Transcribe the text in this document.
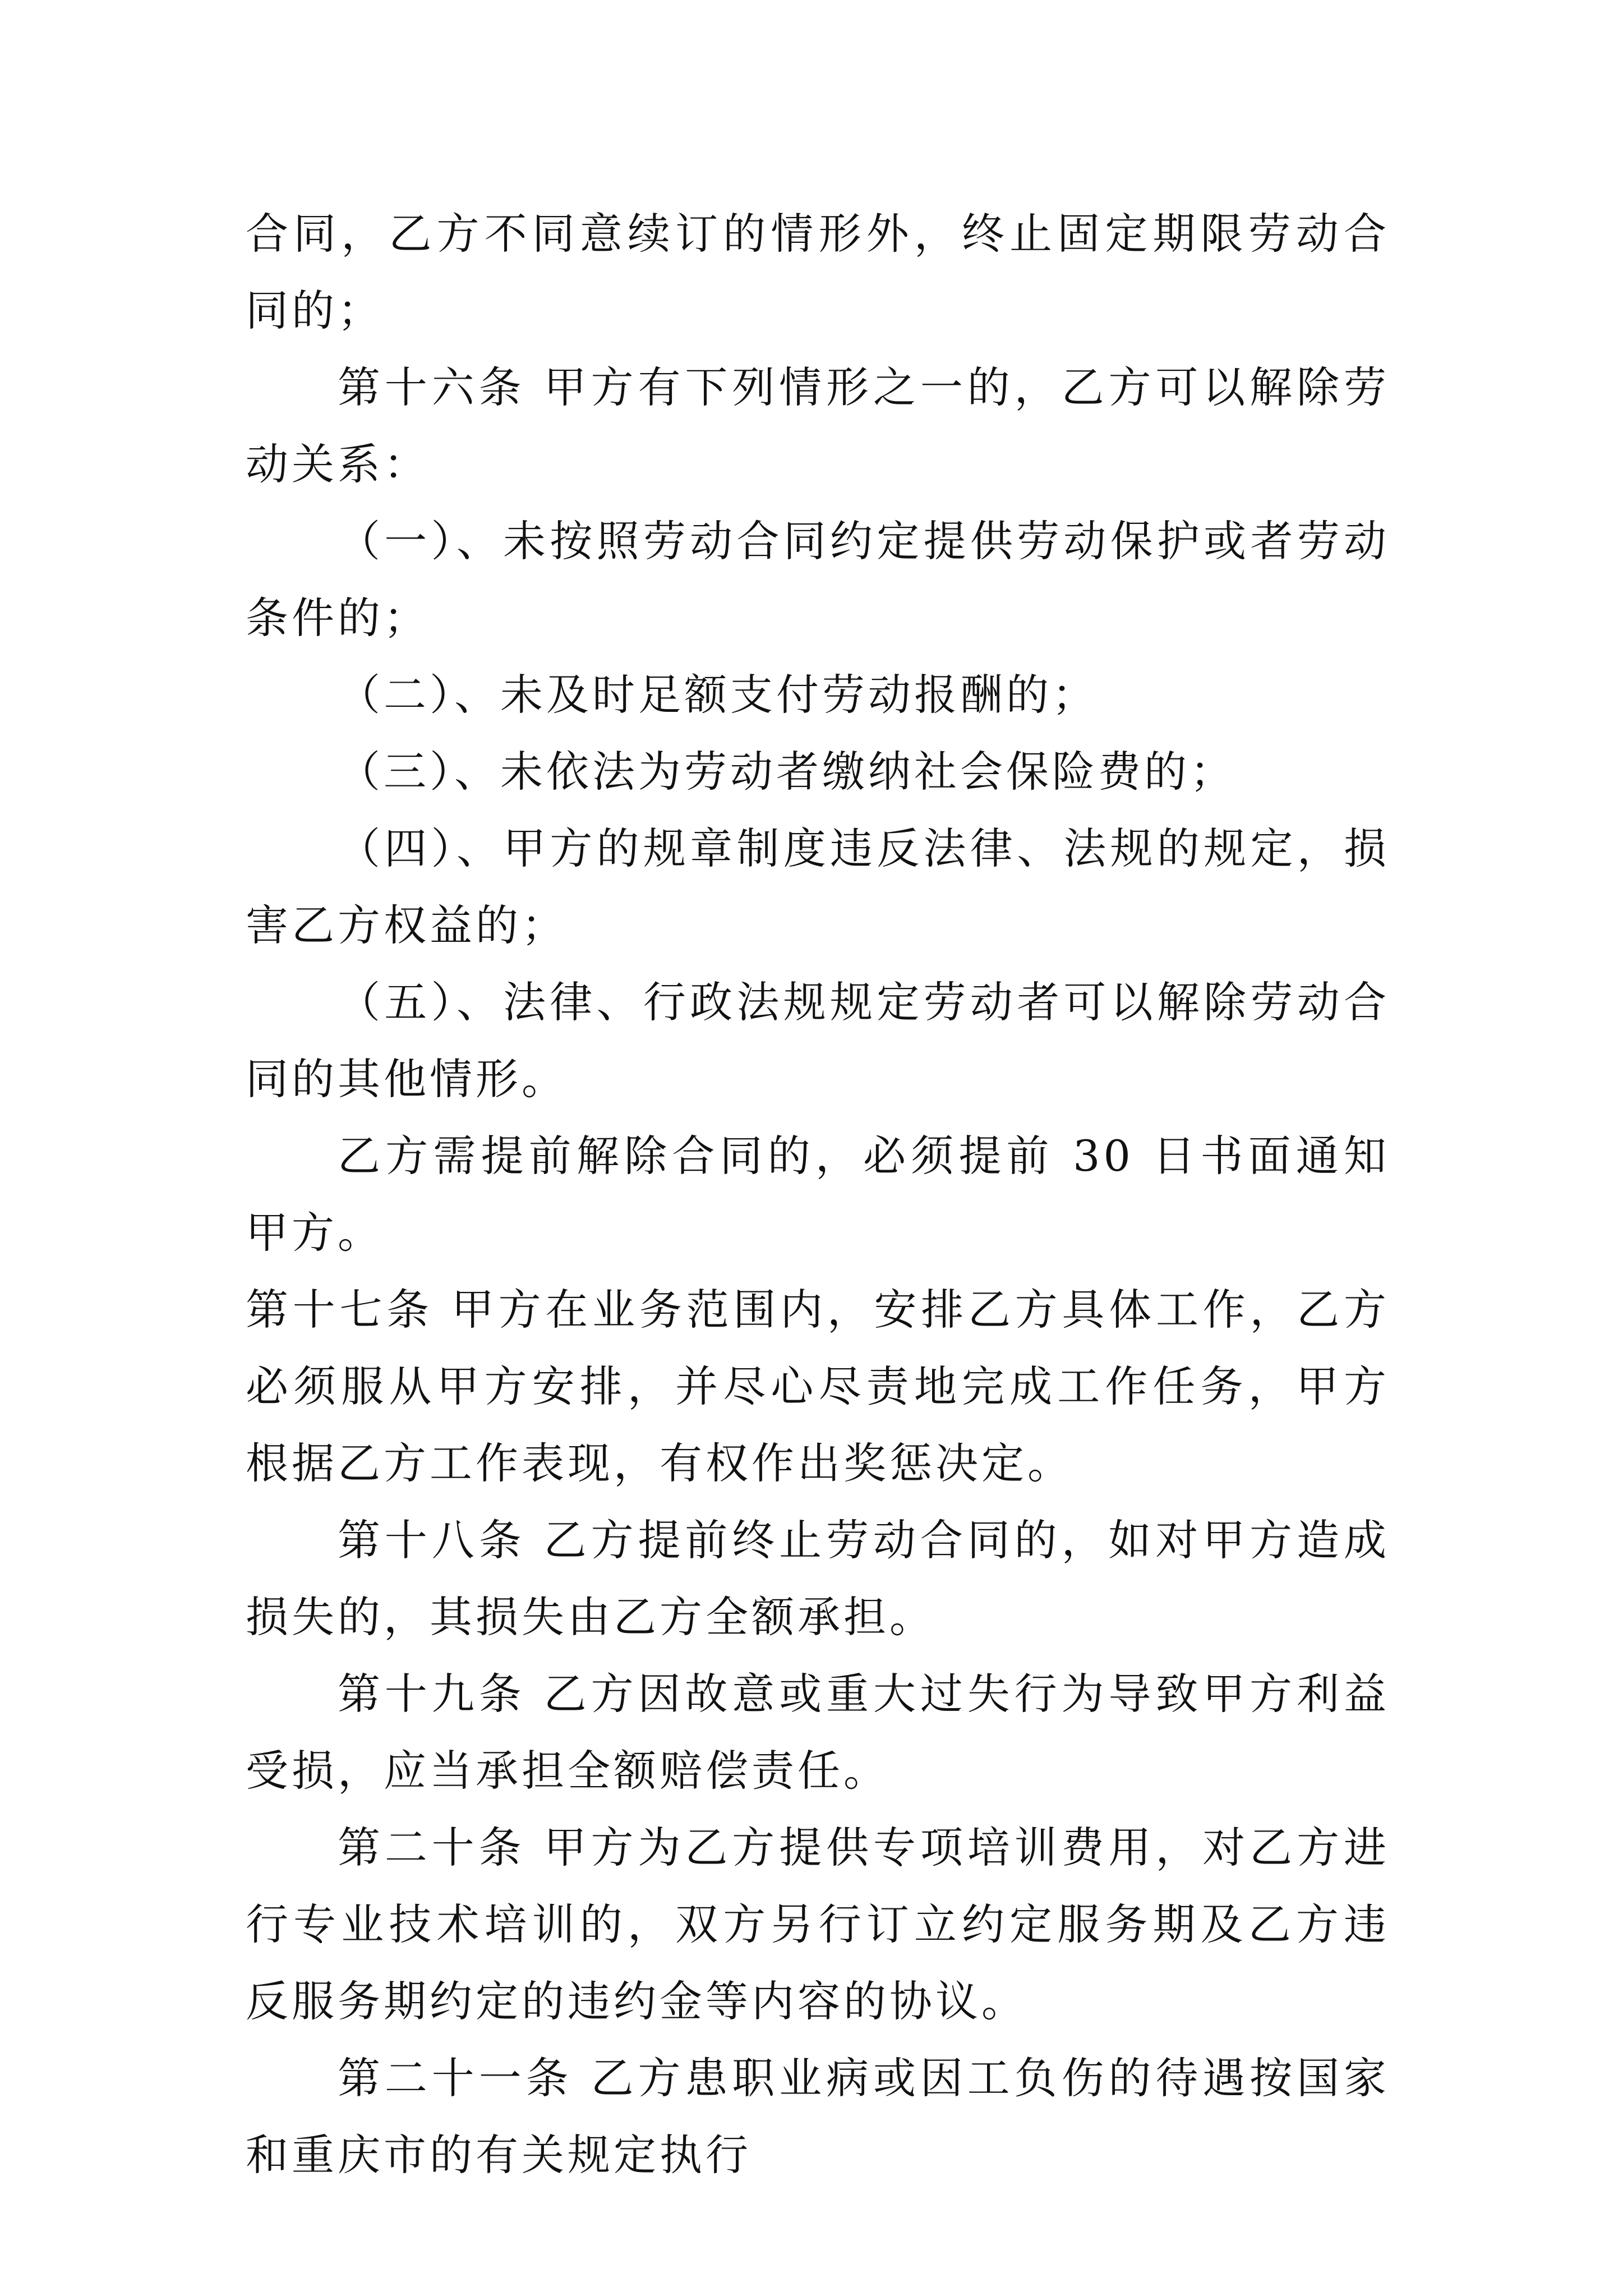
合同，乙方不同意续订的情形外，终止固定期限劳动合同的；

第十六条 甲方有下列情形之一的，乙方可以解除劳动关系：

（一）、未按照劳动合同约定提供劳动保护或者劳动条件的；

（二）、未及时足额支付劳动报酬的；

（三）、未依法为劳动者缴纳社会保险费的；

（四）、甲方的规章制度违反法律、法规的规定，损害乙方权益的；

（五）、法律、行政法规规定劳动者可以解除劳动合同的其他情形。

乙方需提前解除合同的，必须提前 30 日书面通知甲方。

第十七条 甲方在业务范围内，安排乙方具体工作，乙方必须服从甲方安排，并尽心尽责地完成工作任务，甲方根据乙方工作表现，有权作出奖惩决定。

第十八条 乙方提前终止劳动合同的，如对甲方造成损失的，其损失由乙方全额承担。

第十九条 乙方因故意或重大过失行为导致甲方利益受损，应当承担全额赔偿责任。

第二十条 甲方为乙方提供专项培训费用，对乙方进行专业技术培训的，双方另行订立约定服务期及乙方违反服务期约定的违约金等内容的协议。

第二十一条 乙方患职业病或因工负伤的待遇按国家和重庆市的有关规定执行
